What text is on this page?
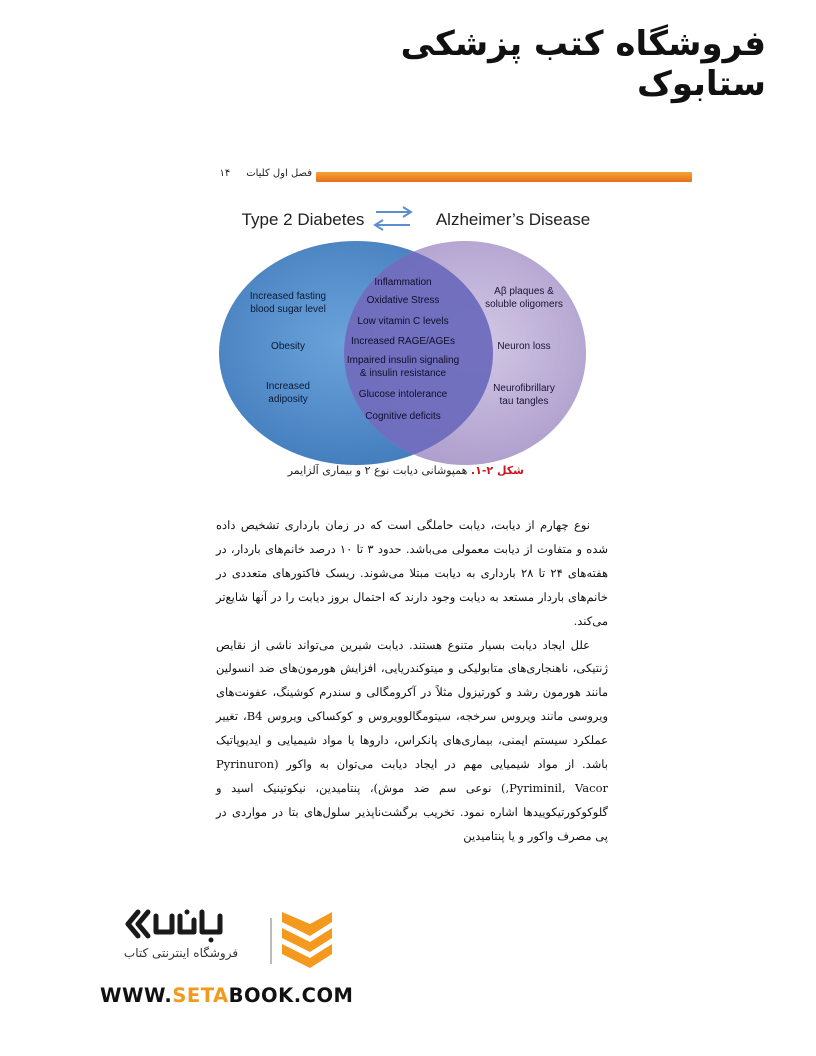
فروشگاه کتب پزشکی ستابوک
فصل اول کلیات     ۱۴
Type 2 Diabetes	Alzheimer’s Disease
Increased fasting
blood sugar level
Obesity
Increased
adiposity
Inflammation
Oxidative Stress
Low vitamin C levels
Increased RAGE/AGEs
Impaired insulin signaling
& insulin resistance
Glucose intolerance
Cognitive deficits
Aβ plaques &
soluble oligomers
Neuron loss
Neurofibrillary
tau tangles
شکل ۲-۱. همپوشانی دیابت نوع ۲ و بیماری آلزایمر

نوع چهارم از دیابت، دیابت حاملگی است که در زمان بارداری تشخیص داده شده و متفاوت از دیابت معمولی می‌باشد. حدود ۳ تا ۱۰ درصد خانم‌های باردار، در هفته‌های ۲۴ تا ۲۸ بارداری به دیابت مبتلا می‌شوند. ریسک فاکتورهای متعددی در خانم‌های باردار مستعد به دیابت وجود دارند که احتمال بروز دیابت را در آنها شایع‌تر می‌کند.

علل ایجاد دیابت بسیار متنوع هستند. دیابت شیرین می‌تواند ناشی از نقایص ژنتیکی، ناهنجاری‌های متابولیکی و میتوکندریایی، افزایش هورمون‌های ضد انسولین مانند هورمون رشد و کورتیزول مثلاً در آکرومگالی و سندرم کوشینگ، عفونت‌های ویروسی مانند ویروس سرخجه، سیتومگالوویروس و کوکساکی ویروس B4، تغییر عملکرد سیستم ایمنی، بیماری‌های پانکراس، داروها یا مواد شیمیایی و ایدیوپاتیک باشد. از مواد شیمیایی مهم در ایجاد دیابت می‌توان به واکور (Pyrinuron ,Pyriminil, Vacor) نوعی سم ضد موش)، پنتامیدین، نیکوتینیک اسید و گلوکوکورتیکوییدها اشاره نمود. تخریب برگشت‌ناپذیر سلول‌های بتا در مواردی در پی مصرف واکور و یا پنتامیدین

فروشگاه اینترنتی کتاب
WWW.SETABOOK.COM
